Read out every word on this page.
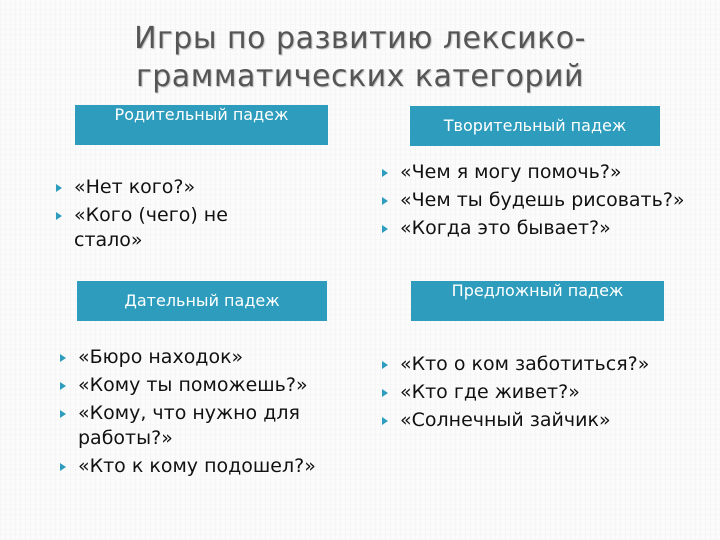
Игры по развитию лексико-
грамматических категорий
Родительный падеж
«Нет кого?»
«Кого (чего) не стало»
Творительный падеж
«Чем я могу помочь?»
«Чем ты будешь рисовать?»
«Когда это бывает?»
Дательный падеж
«Бюро находок»
«Кому ты поможешь?»
«Кому, что нужно для работы?»
«Кто к кому подошел?»
Предложный падеж
«Кто о ком заботиться?»
«Кто где живет?»
«Солнечный зайчик»
